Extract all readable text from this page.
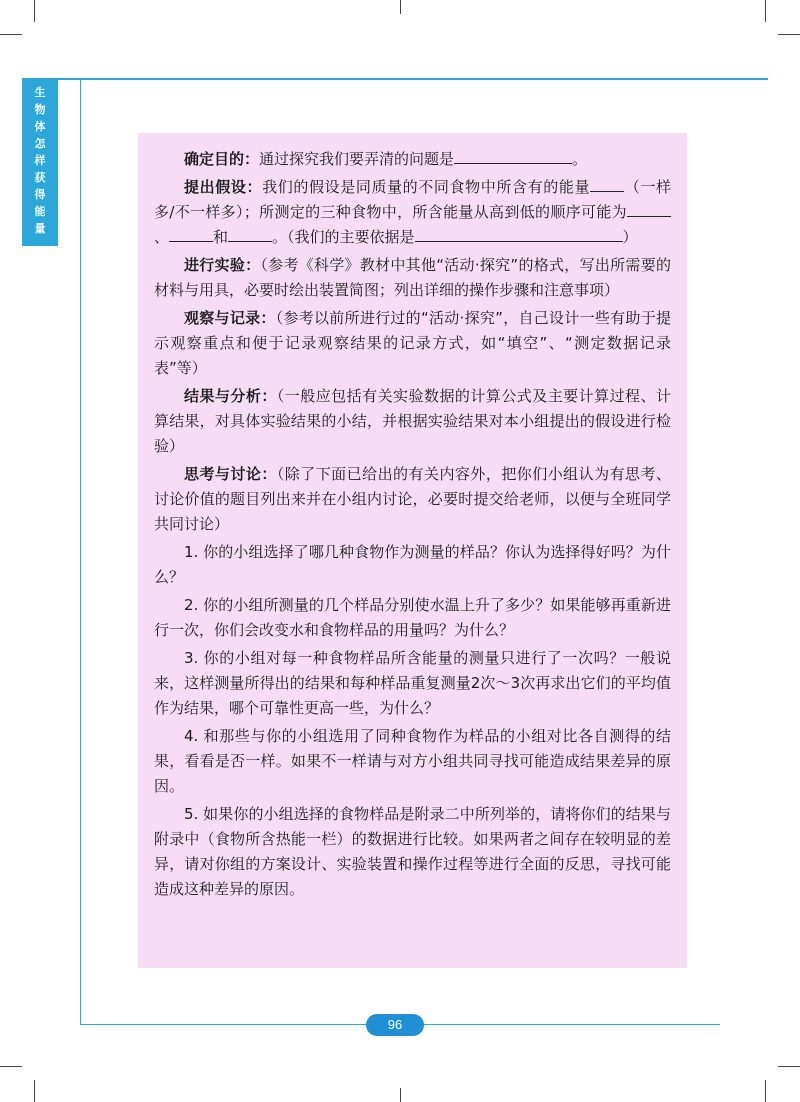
生
物
体
怎
样
获
得
能
量

确定目的：通过探究我们要弄清的问题是	。

提出假设：我们的假设是同质量的不同食物中所含有的能量 （一样多/不一样多）；所测定的三种食物中，所含能量从高到低的顺序可能为、	和	。（我们的主要依据是	）

进行实验：（参考《科学》教材中其他“活动·探究”的格式，写出所需要的材料与用具，必要时绘出装置简图；列出详细的操作步骤和注意事项）

观察与记录：（参考以前所进行过的“活动·探究”，自己设计一些有助于提示观察重点和便于记录观察结果的记录方式，如“填空”、“测定数据记录表”等）

结果与分析：（一般应包括有关实验数据的计算公式及主要计算过程、计算结果，对具体实验结果的小结，并根据实验结果对本小组提出的假设进行检验）

思考与讨论：（除了下面已给出的有关内容外，把你们小组认为有思考、讨论价值的题目列出来并在小组内讨论，必要时提交给老师，以便与全班同学共同讨论）

1. 你的小组选择了哪几种食物作为测量的样品？你认为选择得好吗？为什么？

2. 你的小组所测量的几个样品分别使水温上升了多少？如果能够再重新进行一次，你们会改变水和食物样品的用量吗？为什么？

3. 你的小组对每一种食物样品所含能量的测量只进行了一次吗？一般说来，这样测量所得出的结果和每种样品重复测量2次～3次再求出它们的平均值作为结果，哪个可靠性更高一些，为什么？

4. 和那些与你的小组选用了同种食物作为样品的小组对比各自测得的结果，看看是否一样。如果不一样请与对方小组共同寻找可能造成结果差异的原因。

5. 如果你的小组选择的食物样品是附录二中所列举的，请将你们的结果与附录中（食物所含热能一栏）的数据进行比较。如果两者之间存在较明显的差异，请对你组的方案设计、实验装置和操作过程等进行全面的反思，寻找可能造成这种差异的原因。

96
